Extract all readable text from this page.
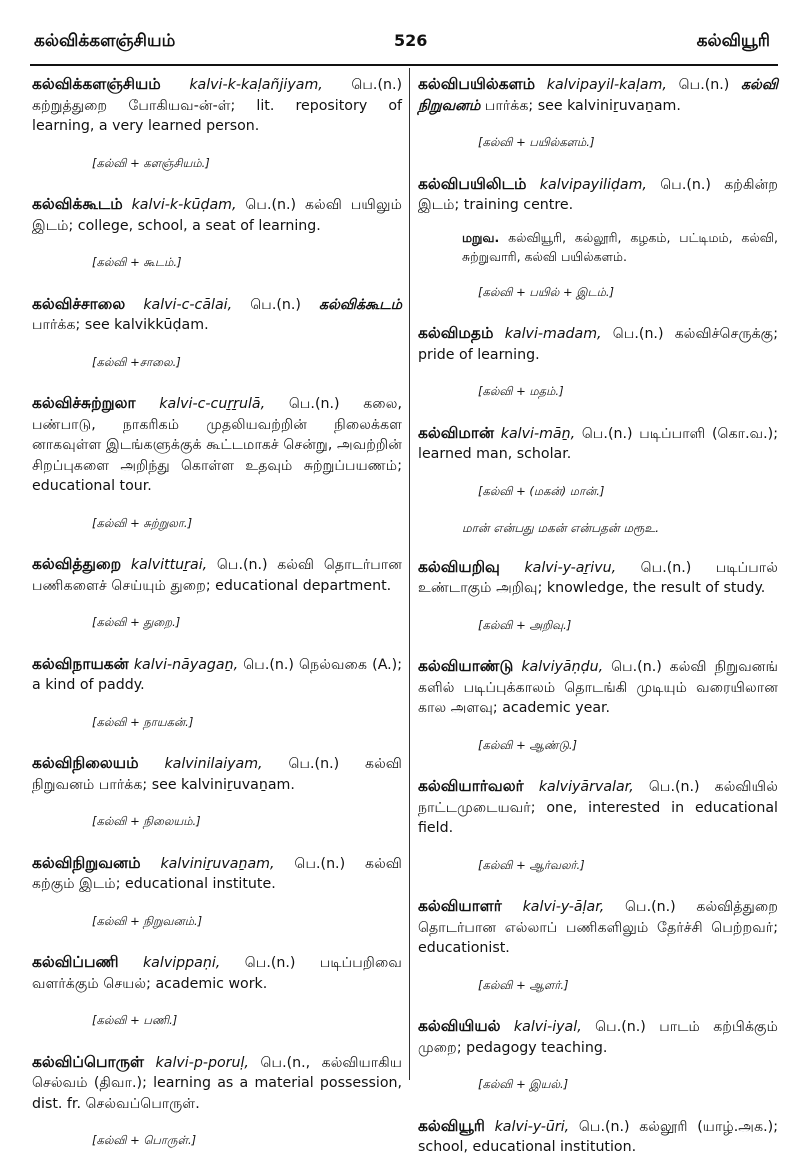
கல்விக்களஞ்சியம்	526	கல்வியூரி

கல்விக்களஞ்சியம் kalvi-k-kaḷañjiyam, பெ.(n.) கற்றுத்துறை போகியவ-ன்-ள்; lit. repository of learning, a very learned person.

[கல்வி + களஞ்சியம்.]

கல்விக்கூடம் kalvi-k-kūḍam, பெ.(n.) கல்வி பயிலும் இடம்; college, school, a seat of learning.

[கல்வி + கூடம்.]

கல்விச்சாலை kalvi-c-cālai, பெ.(n.) கல்விக்கூடம் பார்க்க; see kalvikkūḍam.

[கல்வி +சாலை.]

கல்விச்சுற்றுலா kalvi-c-cuṟṟulā, பெ.(n.) கலை, பண்பாடு, நாகரிகம் முதலியவற்றின் நிலைக்கள னாகவுள்ள இடங்களுக்குக் கூட்டமாகச் சென்று, அவற்றின் சிறப்புகளை அறிந்து கொள்ள உதவும் சுற்றுப்பயணம்; educational tour.

[கல்வி + சுற்றுலா.]

கல்வித்துறை kalvittuṟai, பெ.(n.) கல்வி தொடர்பான பணிகளைச் செய்யும் துறை; educational department.

[கல்வி + துறை.]

கல்விநாயகன் kalvi-nāyagaṉ, பெ.(n.) நெல்வகை (A.); a kind of paddy.

[கல்வி + நாயகன்.]

கல்விநிலையம் kalvinilaiyam, பெ.(n.) கல்வி நிறுவனம் பார்க்க; see kalviniṟuvaṉam.

[கல்வி + நிலையம்.]

கல்விநிறுவனம் kalviniṟuvaṉam, பெ.(n.) கல்வி கற்கும் இடம்; educational institute.

[கல்வி + நிறுவனம்.]

கல்விப்பணி kalvippaṇi, பெ.(n.) படிப்பறிவை வளர்க்கும் செயல்; academic work.

[கல்வி + பணி.]

கல்விப்பொருள் kalvi-p-poruḷ, பெ.(n., கல்வியாகிய செல்வம் (திவா.); learning as a material possession, dist. fr. செல்வப்பொருள்.

[கல்வி + பொருள்.]

கல்விபயில்களம் kalvipayil-kaḷam, பெ.(n.) கல்வி நிறுவனம் பார்க்க; see kalviniṟuvaṉam.

[கல்வி + பயில்களம்.]

கல்விபயிலிடம் kalvipayiliḍam, பெ.(n.) கற்கின்ற இடம்; training centre.

மறுவ. கல்வியூரி, கல்லூரி, கழகம், பட்டிமம், கல்வி, சுற்றுவாரி, கல்வி பயில்களம்.
[கல்வி + பயில் + இடம்.]

கல்விமதம் kalvi-madam, பெ.(n.) கல்விச்செருக்கு; pride of learning.

[கல்வி + மதம்.]

கல்விமான் kalvi-māṉ, பெ.(n.) படிப்பாளி (கொ.வ.); learned man, scholar.

[கல்வி + (மகன்) மான்.]
மான் என்பது மகன் என்பதன் மரூஉ.

கல்வியறிவு kalvi-y-aṟivu, பெ.(n.) படிப்பால் உண்டாகும் அறிவு; knowledge, the result of study.

[கல்வி + அறிவு.]

கல்வியாண்டு kalviyāṇḍu, பெ.(n.) கல்வி நிறுவனங் களில் படிப்புக்காலம் தொடங்கி முடியும் வரையிலான கால அளவு; academic year.

[கல்வி + ஆண்டு.]

கல்வியார்வலர் kalviyārvalar, பெ.(n.) கல்வியில் நாட்டமுடையவர்; one, interested in educational field.

[கல்வி + ஆர்வலர்.]

கல்வியாளர் kalvi-y-āḷar, பெ.(n.) கல்வித்துறை தொடர்பான எல்லாப் பணிகளிலும் தேர்ச்சி பெற்றவர்; educationist.

[கல்வி + ஆளர்.]

கல்வியியல் kalvi-iyal, பெ.(n.) பாடம் கற்பிக்கும் முறை; pedagogy teaching.

[கல்வி + இயல்.]

கல்வியூரி kalvi-y-ūri, பெ.(n.) கல்லூரி (யாழ்.அக.); school, educational institution.
